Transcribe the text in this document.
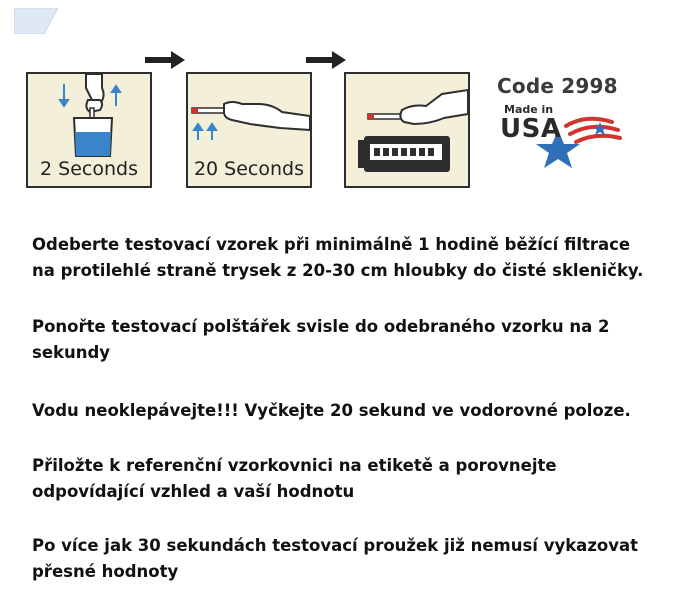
2 Seconds	20 Seconds
Code 2998
Made in
USA
Odeberte testovací vzorek při minimálně 1 hodině běžící filtrace na protilehlé straně trysek z 20-30 cm hloubky do čisté skleničky.
Ponořte testovací polštářek svisle do odebraného vzorku na 2 sekundy
Vodu neoklepávejte!!! Vyčkejte 20 sekund ve vodorovné poloze.
Přiložte k referenční vzorkovnici na etiketě a porovnejte odpovídající vzhled a vaší hodnotu
Po více jak 30 sekundách testovací proužek již nemusí vykazovat přesné hodnoty
